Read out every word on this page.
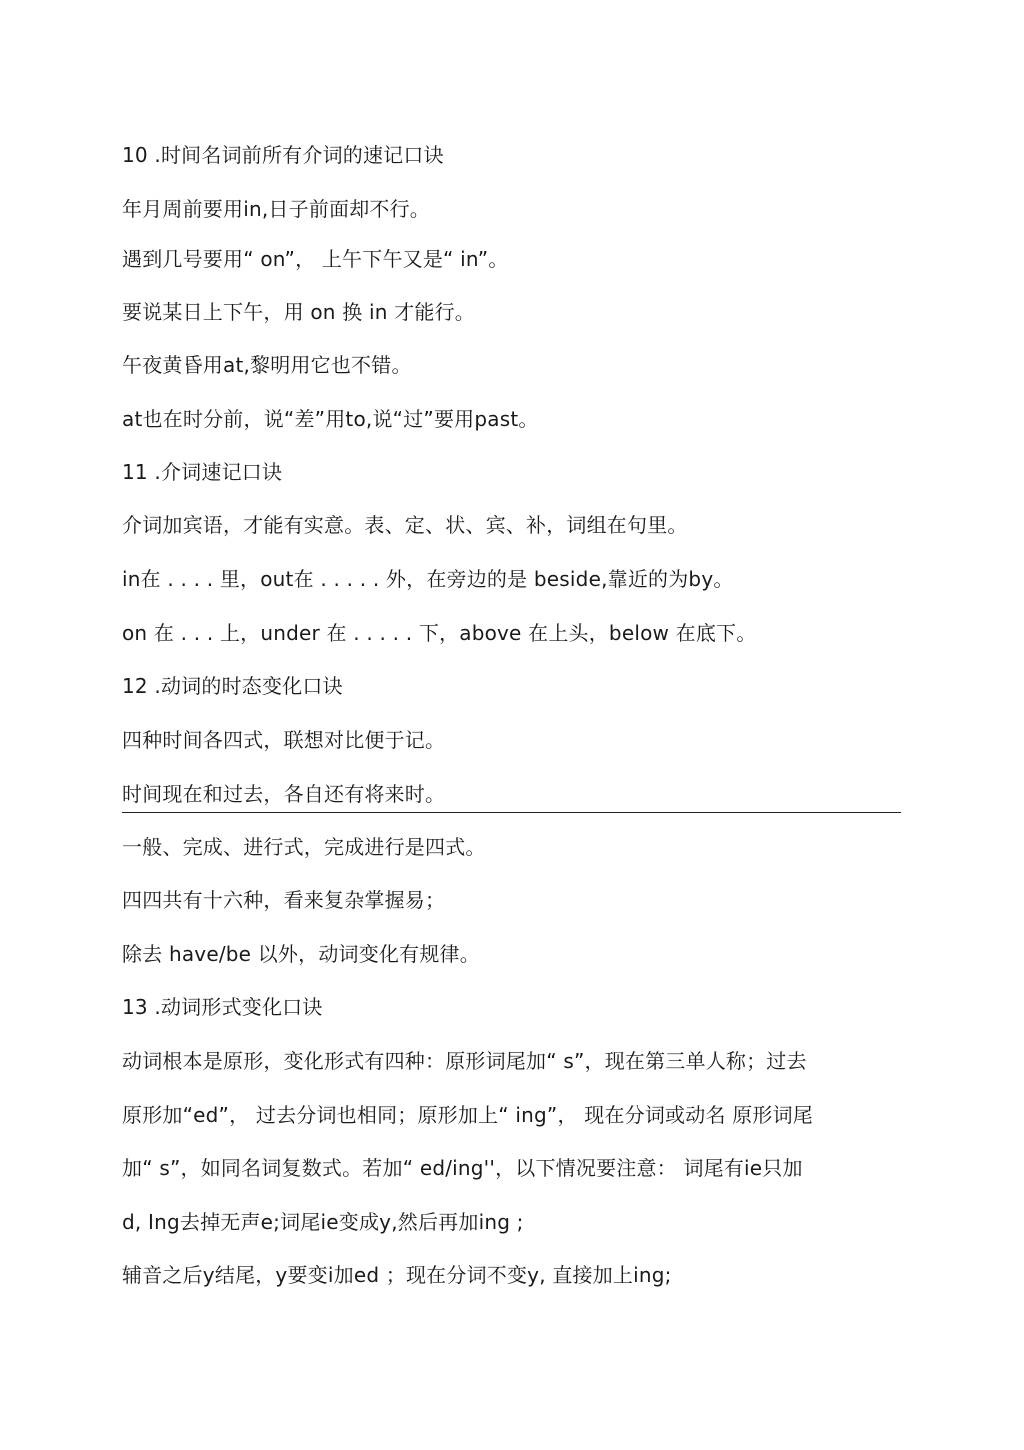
10 .时间名词前所有介词的速记口诀
年月周前要用in,日子前面却不行。
遇到几号要用“ on”， 上午下午又是“ in”。
要说某日上下午，用 on 换 in 才能行。
午夜黄昏用at,黎明用它也不错。
at也在时分前，说“差”用to,说“过”要用past。
11 .介词速记口诀
介词加宾语，才能有实意。表、定、状、宾、补，词组在句里。
in在 . . . . 里，out在 . . . . . 外，在旁边的是 beside,靠近的为by。
on 在 . . . 上，under 在 . . . . . 下，above 在上头，below 在底下。
12 .动词的时态变化口诀
四种时间各四式，联想对比便于记。
时间现在和过去，各自还有将来时。
一般、完成、进行式，完成进行是四式。
四四共有十六种，看来复杂掌握易；
除去 have/be 以外，动词变化有规律。
13 .动词形式变化口诀
动词根本是原形，变化形式有四种：原形词尾加“ s”，现在第三单人称；过去
原形加“ed”， 过去分词也相同；原形加上“ ing”， 现在分词或动名 原形词尾
加“ s”，如同名词复数式。若加“ ed/ing''，以下情况要注意： 词尾有ie只加
d, Ing去掉无声e;词尾ie变成y,然后再加ing ;
辅音之后y结尾，y要变i加ed ；现在分词不变y, 直接加上ing;
